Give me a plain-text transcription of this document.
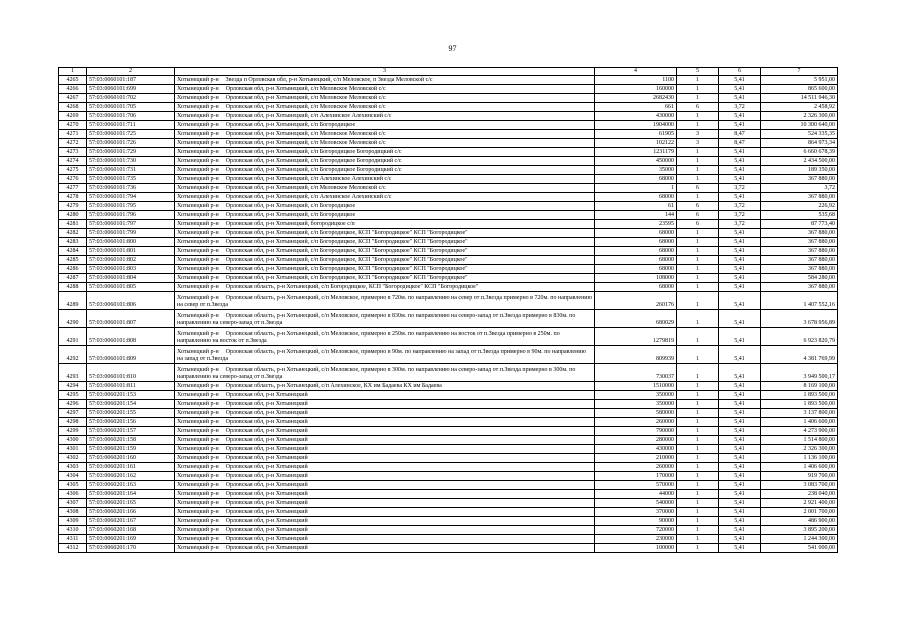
97
1	2	3	4	5	6	7
4265	57:03:0060101:187	Хотынецкий р-н Звезда п Орловская обл, р-н Хотынецкий, с/п Меловское, п Звезда Меловской с/с	1100	1	5,41	5 951,00
4266	57:03:0060101:699	Хотынецкий р-н Орловская обл, р-н Хотынецкий, с/п Меловское Меловской с/с	160000	1	5,41	865 600,00
4267	57:03:0060101:702	Хотынецкий р-н Орловская обл, р-н Хотынецкий, с/п Меловское Меловской с/с	2682430	1	5,41	14 511 946,30
4268	57:03:0060101:705	Хотынецкий р-н Орловская обл, р-н Хотынецкий, с/п Меловское Меловской с/с	661	6	3,72	2 458,92
4269	57:03:0060101:706	Хотынецкий р-н Орловская обл, р-н Хотынецкий, с/п Алехинское Алехинский с/с	430000	1	5,41	2 326 300,00
4270	57:03:0060101:711	Хотынецкий р-н Орловская обл, р-н Хотынецкий, с/п Богородицкое	1904000	1	5,41	10 300 640,00
4271	57:03:0060101:725	Хотынецкий р-н Орловская обл, р-н Хотынецкий, с/п Меловское Меловской с/с	61905	3	8,47	524 335,35
4272	57:03:0060101:726	Хотынецкий р-н Орловская обл, р-н Хотынецкий, с/п Меловское Меловской с/с	102122	3	8,47	864 973,34
4273	57:03:0060101:729	Хотынецкий р-н Орловская обл, р-н Хотынецкий, с/п Богородицкое Богородицкий с/с	1231179	1	5,41	6 660 678,39
4274	57:03:0060101:730	Хотынецкий р-н Орловская обл, р-н Хотынецкий, с/п Богородицкое Богородицкий с/с	450000	1	5,41	2 434 500,00
4275	57:03:0060101:731	Хотынецкий р-н Орловская обл, р-н Хотынецкий, с/п Богородицкое Богородицкий с/с	35000	1	5,41	189 350,00
4276	57:03:0060101:735	Хотынецкий р-н Орловская обл, р-н Хотынецкий, с/п Алехинское Алехинский с/с	68000	1	5,41	367 880,00
4277	57:03:0060101:736	Хотынецкий р-н Орловская обл, р-н Хотынецкий, с/п Меловское Меловской с/с	1	6	3,72	3,72
4278	57:03:0060101:794	Хотынецкий р-н Орловская обл, р-н Хотынецкий, с/п Алехинское Алехинский с/с	68000	1	5,41	367 880,00
4279	57:03:0060101:795	Хотынецкий р-н Орловская обл, р-н Хотынецкий, с/п Богородицкое	61	6	3,72	226,92
4280	57:03:0060101:796	Хотынецкий р-н Орловская обл, р-н Хотынецкий, с/п Богородицкое	144	6	3,72	535,68
4281	57:03:0060101:797	Хотынецкий р-н Орловская обл, р-н Хотынецкий, богородицкое с/п	23595	6	3,72	87 773,40
4282	57:03:0060101:799	Хотынецкий р-н Орловская обл, р-н Хотынецкий, с/п Богородицкое, КСП "Богородицкое" КСП "Богородицкое"	68000	1	5,41	367 880,00
4283	57:03:0060101:800	Хотынецкий р-н Орловская обл, р-н Хотынецкий, с/п Богородицкое, КСП "Богородицкое" КСП "Богородицкое"	68000	1	5,41	367 880,00
4284	57:03:0060101:801	Хотынецкий р-н Орловская обл, р-н Хотынецкий, с/п Богородицкое, КСП "Богородицкое" КСП "Богородицкое"	68000	1	5,41	367 880,00
4285	57:03:0060101:802	Хотынецкий р-н Орловская обл, р-н Хотынецкий, с/п Богородицкое, КСП "Богородицкое" КСП "Богородицкое"	68000	1	5,41	367 880,00
4286	57:03:0060101:803	Хотынецкий р-н Орловская обл, р-н Хотынецкий, с/п Богородицкое, КСП "Богородицкое" КСП "Богородицкое"	68000	1	5,41	367 880,00
4287	57:03:0060101:804	Хотынецкий р-н Орловская обл, р-н Хотынецкий, с/п Богородицкое, КСП "Богородицкое" КСП "Богородицкое"	108000	1	5,41	584 280,00
4288	57:03:0060101:805	Хотынецкий р-н Орловская область, р-н Хотынецкий, с/п Богородицкое, КСП "Богородицкое" КСП "Богородицкое"	68000	1	5,41	367 880,00
4289	57:03:0060101:806	Хотынецкий р-н Орловская область, р-н Хотынецкий, с/п Меловское, примерно в 720м. по направлению на север от п.Звезда примерно в 720м. по направлению на север от п.Звезда	260176	1	5,41	1 407 552,16
4290	57:03:0060101:807	Хотынецкий р-н Орловская область, р-н Хотынецкий, с/п Меловское, примерно в 830м. по направлению на северо-запад от п.Звезда примерно в 830м. по направлению на северо-запад от п.Звезда	680029	1	5,41	3 678 956,89
4291	57:03:0060101:808	Хотынецкий р-н Орловская область, р-н Хотынецкий, с/п Меловское, примерно в 250м. по направлению на восток от п.Звезда примерно в 250м. по направлению на восток от п.Звезда	1279819	1	5,41	6 923 820,79
4292	57:03:0060101:809	Хотынецкий р-н Орловская область, р-н Хотынецкий, с/п Меловское, примерно в 90м. по направлению на запад от п.Звезда примерно в 90м. по направлению на запад от п.Звезда	809939	1	5,41	4 381 769,99
4293	57:03:0060101:810	Хотынецкий р-н Орловская область, р-н Хотынецкий, с/п Меловское, примерно в 300м. по направлению на северо-запад от п.Звезда примерно в 300м. по направлению на северо-запад от п.Звезда	730037	1	5,41	3 949 500,17
4294	57:03:0060101:811	Хотынецкий р-н Орловская область, р-н Хотынецкий, с/п Алехинское, КХ им Бадаева КХ им Бадаева	1510000	1	5,41	8 169 100,00
4295	57:03:0060201:153	Хотынецкий р-н Орловская обл, р-н Хотынецкий	350000	1	5,41	1 893 500,00
4296	57:03:0060201:154	Хотынецкий р-н Орловская обл, р-н Хотынецкий	350000	1	5,41	1 893 500,00
4297	57:03:0060201:155	Хотынецкий р-н Орловская обл, р-н Хотынецкий	580000	1	5,41	3 137 800,00
4298	57:03:0060201:156	Хотынецкий р-н Орловская обл, р-н Хотынецкий	260000	1	5,41	1 406 600,00
4299	57:03:0060201:157	Хотынецкий р-н Орловская обл, р-н Хотынецкий	790000	1	5,41	4 273 900,00
4300	57:03:0060201:158	Хотынецкий р-н Орловская обл, р-н Хотынецкий	280000	1	5,41	1 514 800,00
4301	57:03:0060201:159	Хотынецкий р-н Орловская обл, р-н Хотынецкий	430000	1	5,41	2 326 300,00
4302	57:03:0060201:160	Хотынецкий р-н Орловская обл, р-н Хотынецкий	210000	1	5,41	1 136 100,00
4303	57:03:0060201:161	Хотынецкий р-н Орловская обл, р-н Хотынецкий	260000	1	5,41	1 406 600,00
4304	57:03:0060201:162	Хотынецкий р-н Орловская обл, р-н Хотынецкий	170000	1	5,41	919 700,00
4305	57:03:0060201:163	Хотынецкий р-н Орловская обл, р-н Хотынецкий	570000	1	5,41	3 083 700,00
4306	57:03:0060201:164	Хотынецкий р-н Орловская обл, р-н Хотынецкий	44000	1	5,41	238 040,00
4307	57:03:0060201:165	Хотынецкий р-н Орловская обл, р-н Хотынецкий	540000	1	5,41	2 921 400,00
4308	57:03:0060201:166	Хотынецкий р-н Орловская обл, р-н Хотынецкий	370000	1	5,41	2 001 700,00
4309	57:03:0060201:167	Хотынецкий р-н Орловская обл, р-н Хотынецкий	90000	1	5,41	486 900,00
4310	57:03:0060201:168	Хотынецкий р-н Орловская обл, р-н Хотынецкий	720000	1	5,41	3 895 200,00
4311	57:03:0060201:169	Хотынецкий р-н Орловская обл, р-н Хотынецкий	230000	1	5,41	1 244 300,00
4312	57:03:0060201:170	Хотынецкий р-н Орловская обл, р-н Хотынецкий	100000	1	5,41	541 000,00
